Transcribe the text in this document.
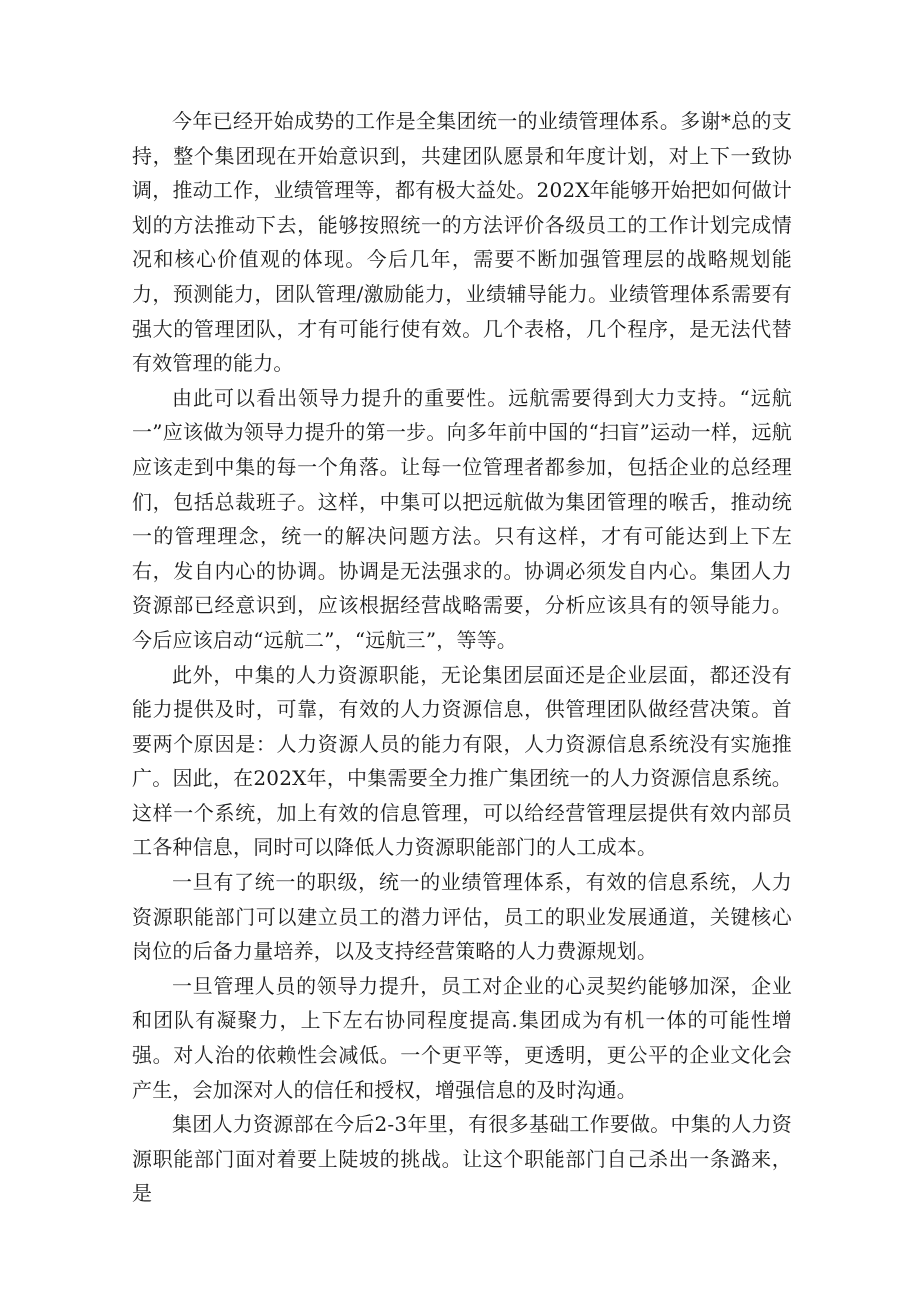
今年已经开始成势的工作是全集团统一的业绩管理体系。多谢*总的支持，整个集团现在开始意识到，共建团队愿景和年度计划，对上下一致协调，推动工作，业绩管理等，都有极大益处。202X年能够开始把如何做计划的方法推动下去，能够按照统一的方法评价各级员工的工作计划完成情况和核心价值观的体现。今后几年，需要不断加强管理层的战略规划能力，预测能力，团队管理/激励能力，业绩辅导能力。业绩管理体系需要有强大的管理团队，才有可能行使有效。几个表格，几个程序，是无法代替有效管理的能力。

由此可以看出领导力提升的重要性。远航需要得到大力支持。“远航一”应该做为领导力提升的第一步。向多年前中国的“扫盲”运动一样，远航应该走到中集的每一个角落。让每一位管理者都参加，包括企业的总经理们，包括总裁班子。这样，中集可以把远航做为集团管理的喉舌，推动统一的管理理念，统一的解决问题方法。只有这样，才有可能达到上下左右，发自内心的协调。协调是无法强求的。协调必须发自内心。集团人力资源部已经意识到，应该根据经营战略需要，分析应该具有的领导能力。今后应该启动“远航二”，“远航三”，等等。

此外，中集的人力资源职能，无论集团层面还是企业层面，都还没有能力提供及时，可靠，有效的人力资源信息，供管理团队做经营决策。首要两个原因是：人力资源人员的能力有限，人力资源信息系统没有实施推广。因此，在202X年，中集需要全力推广集团统一的人力资源信息系统。这样一个系统，加上有效的信息管理，可以给经营管理层提供有效内部员工各种信息，同时可以降低人力资源职能部门的人工成本。

一旦有了统一的职级，统一的业绩管理体系，有效的信息系统，人力资源职能部门可以建立员工的潜力评估，员工的职业发展通道，关键核心岗位的后备力量培养，以及支持经营策略的人力费源规划。

一旦管理人员的领导力提升，员工对企业的心灵契约能够加深，企业和团队有凝聚力，上下左右协同程度提高.集团成为有机一体的可能性增强。对人治的依赖性会减低。一个更平等，更透明，更公平的企业文化会产生，会加深对人的信任和授权，增强信息的及时沟通。

集团人力资源部在今后2-3年里，有很多基础工作要做。中集的人力资源职能部门面对着要上陡坡的挑战。让这个职能部门自己杀出一条潞来，是
